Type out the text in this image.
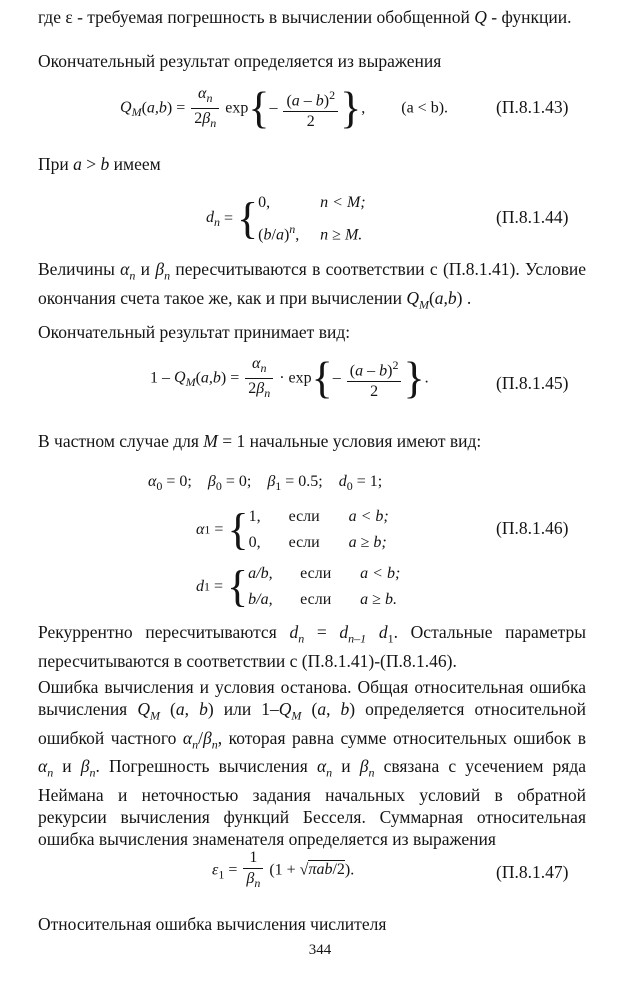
где ε - требуемая погрешность в вычислении обобщенной Q - функции.

Окончательный результат определяется из выражения

$Q_M(a,b) = \frac{\alpha_n}{2\beta_n} \exp\{- \frac{(a - b)^2}{2}$ },  (a < b).	(П.8.1.43)

При a > b имеем

$d_n = \{0$,	n < M;
$(b/a)^n$, n ≥ M.
(П.8.1.44)

Величины $\alpha_n$ и $\beta_n$ пересчитываются в соответствии с (П.8.1.41). Условие окончания счета такое же, как и при вычислении $Q_M(a,b)$ .

Окончательный результат принимает вид:

$1 - Q_M(a,b) = \frac{\alpha_n}{2\beta_n} \cdot \exp\{- \frac{(a - b)^2}{2}$ }.	(П.8.1.45)

В частном случае для M = 1 начальные условия имеют вид:

$\alpha_0 = 0$;    $\beta_0 = 0$;    $\beta_1 = 0.5$;    $d_0 = 1$;
α1 = {1, если a < b;
0, если a ≥ b;
(П.8.1.46)
d1 = {a/b, если a < b;
b/a, если a ≥ b.

Рекуррентно пересчитываются $d_n = d_{n-1}$ $d_1$. Остальные параметры пересчитываются в соответствии с (П.8.1.41)-(П.8.1.46).

Ошибка вычисления и условия останова. Общая относительная ошибка вычисления $Q_M$ (a, b) или $1-Q_M$ (a, b) определяется относительной ошибкой частного $\alpha_n/\beta_n$, которая равна сумме относительных ошибок в $\alpha_n$ и $\beta_n$. Погрешность вычисления $\alpha_n$ и $\beta_n$ связана с усечением ряда Неймана и неточностью задания начальных условий в обратной рекурсии вычисления функций Бесселя. Суммарная относительная ошибка вычисления знаменателя определяется из выражения

$\varepsilon_1 = \frac{1}{\beta_n} (1 + √\pi ab/2)$.	(П.8.1.47)

Относительная ошибка вычисления числителя

344
